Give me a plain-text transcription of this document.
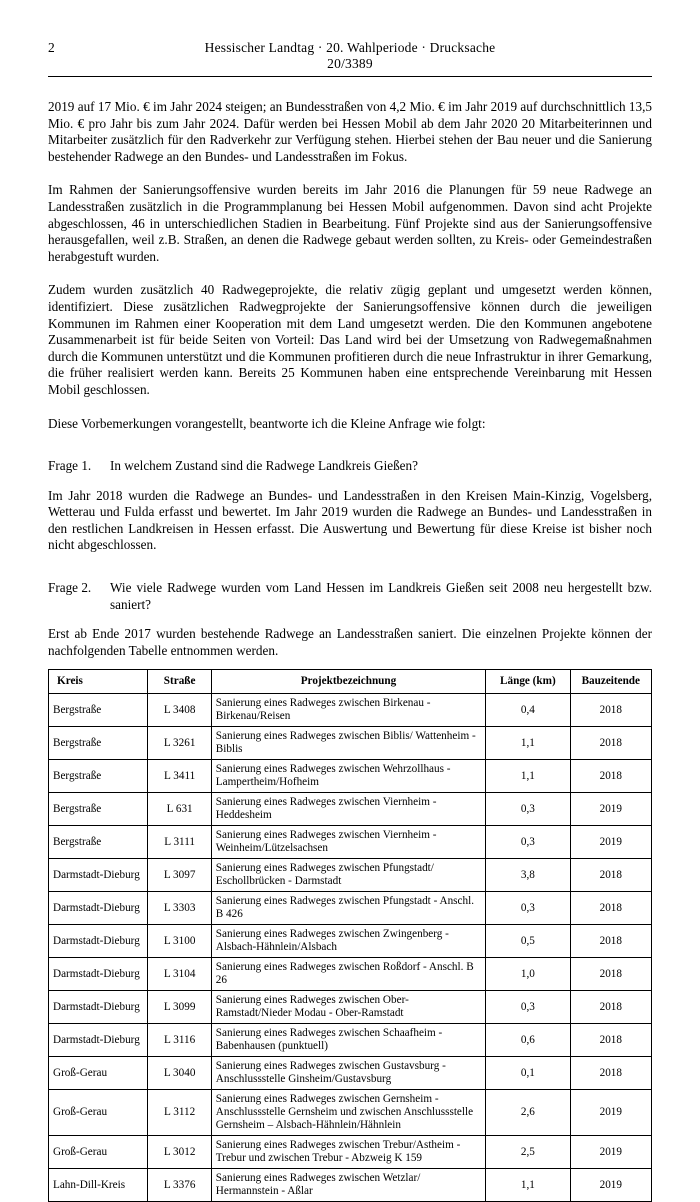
2	Hessischer Landtag · 20. Wahlperiode · Drucksache 20/3389

2019 auf 17 Mio. € im Jahr 2024 steigen; an Bundesstraßen von 4,2 Mio. € im Jahr 2019 auf durchschnittlich 13,5 Mio. € pro Jahr bis zum Jahr 2024. Dafür werden bei Hessen Mobil ab dem Jahr 2020 20 Mitarbeiterinnen und Mitarbeiter zusätzlich für den Radverkehr zur Verfügung stehen. Hierbei stehen der Bau neuer und die Sanierung bestehender Radwege an den Bundes- und Landesstraßen im Fokus.

Im Rahmen der Sanierungsoffensive wurden bereits im Jahr 2016 die Planungen für 59 neue Radwege an Landesstraßen zusätzlich in die Programmplanung bei Hessen Mobil aufgenommen. Davon sind acht Projekte abgeschlossen, 46 in unterschiedlichen Stadien in Bearbeitung. Fünf Projekte sind aus der Sanierungsoffensive herausgefallen, weil z.B. Straßen, an denen die Radwege gebaut werden sollten, zu Kreis- oder Gemeindestraßen herabgestuft wurden.

Zudem wurden zusätzlich 40 Radwegeprojekte, die relativ zügig geplant und umgesetzt werden können, identifiziert. Diese zusätzlichen Radwegprojekte der Sanierungsoffensive können durch die jeweiligen Kommunen im Rahmen einer Kooperation mit dem Land umgesetzt werden. Die den Kommunen angebotene Zusammenarbeit ist für beide Seiten von Vorteil: Das Land wird bei der Umsetzung von Radwegemaßnahmen durch die Kommunen unterstützt und die Kommunen profitieren durch die neue Infrastruktur in ihrer Gemarkung, die früher realisiert werden kann. Bereits 25 Kommunen haben eine entsprechende Vereinbarung mit Hessen Mobil geschlossen.

Diese Vorbemerkungen vorangestellt, beantworte ich die Kleine Anfrage wie folgt:

Frage 1.	In welchem Zustand sind die Radwege Landkreis Gießen?

Im Jahr 2018 wurden die Radwege an Bundes- und Landesstraßen in den Kreisen Main-Kinzig, Vogelsberg, Wetterau und Fulda erfasst und bewertet. Im Jahr 2019 wurden die Radwege an Bundes- und Landesstraßen in den restlichen Landkreisen in Hessen erfasst. Die Auswertung und Bewertung für diese Kreise ist bisher noch nicht abgeschlossen.

Frage 2.	Wie viele Radwege wurden vom Land Hessen im Landkreis Gießen seit 2008 neu hergestellt bzw. saniert?

Erst ab Ende 2017 wurden bestehende Radwege an Landesstraßen saniert. Die einzelnen Projekte können der nachfolgenden Tabelle entnommen werden.

Kreis	Straße	Projektbezeichnung	Länge (km)	Bauzeitende
Bergstraße	L 3408	Sanierung eines Radweges zwischen Birkenau - Birkenau/Reisen	0,4	2018
Bergstraße	L 3261	Sanierung eines Radweges zwischen Biblis/ Wattenheim - Biblis	1,1	2018
Bergstraße	L 3411	Sanierung eines Radweges zwischen Wehrzollhaus - Lampertheim/Hofheim	1,1	2018
Bergstraße	L 631	Sanierung eines Radweges zwischen Viernheim - Heddesheim	0,3	2019
Bergstraße	L 3111	Sanierung eines Radweges zwischen Viernheim - Weinheim/Lützelsachsen	0,3	2019
Darmstadt-Dieburg	L 3097	Sanierung eines Radweges zwischen Pfungstadt/ Eschollbrücken - Darmstadt	3,8	2018
Darmstadt-Dieburg	L 3303	Sanierung eines Radweges zwischen Pfungstadt - Anschl. B 426	0,3	2018
Darmstadt-Dieburg	L 3100	Sanierung eines Radweges zwischen Zwingenberg - Alsbach-Hähnlein/Alsbach	0,5	2018
Darmstadt-Dieburg	L 3104	Sanierung eines Radweges zwischen Roßdorf - Anschl. B 26	1,0	2018
Darmstadt-Dieburg	L 3099	Sanierung eines Radweges zwischen Ober-Ramstadt/Nieder Modau - Ober-Ramstadt	0,3	2018
Darmstadt-Dieburg	L 3116	Sanierung eines Radweges zwischen Schaafheim - Babenhausen (punktuell)	0,6	2018
Groß-Gerau	L 3040	Sanierung eines Radweges zwischen Gustavsburg - Anschlussstelle Ginsheim/Gustavsburg	0,1	2018
Groß-Gerau	L 3112	Sanierung eines Radweges zwischen Gernsheim - Anschlussstelle Gernsheim und zwischen Anschlussstelle Gernsheim – Alsbach-Hähnlein/Hähnlein	2,6	2019
Groß-Gerau	L 3012	Sanierung eines Radweges zwischen Trebur/Astheim - Trebur und zwischen Trebur - Abzweig K 159	2,5	2019
Lahn-Dill-Kreis	L 3376	Sanierung eines Radweges zwischen Wetzlar/ Hermannstein - Aßlar	1,1	2019
